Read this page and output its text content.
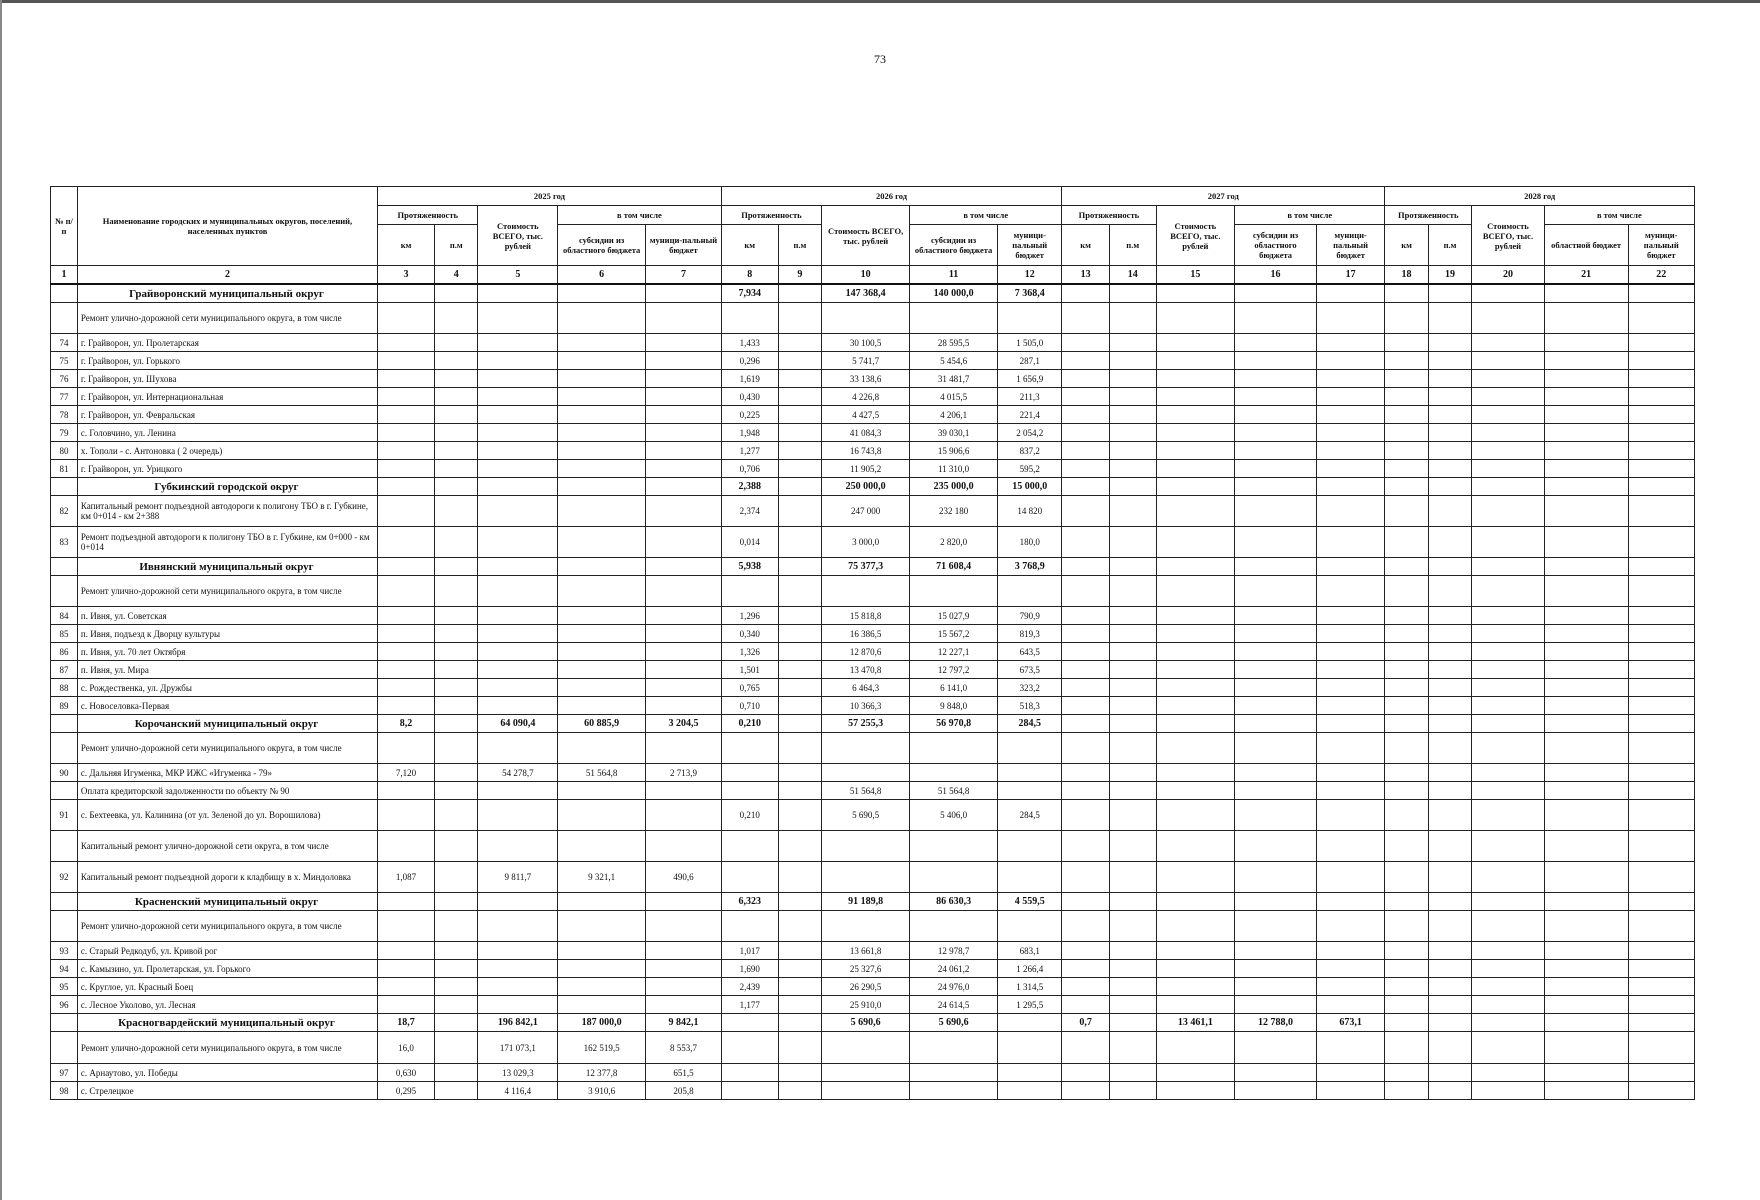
73
№ п/п	Наименование городских и муниципальных округов, поселений, населенных пунктов	2025 год					2026 год					2027 год					2028 год				
		Протяженность		Стоимость ВСЕГО, тыс. рублей	в том числе		Протяженность		Стоимость ВСЕГО, тыс. рублей	в том числе		Протяженность		Стоимость ВСЕГО, тыс. рублей	в том числе		Протяженность		Стоимость ВСЕГО, тыс. рублей	в том числе	
		км	п.м		субсидии из областного бюджета	муници-пальный бюджет	км	п.м		субсидии из областного бюджета	муници-пальный бюджет	км	п.м		субсидии из областного бюджета	муници-пальный бюджет	км	п.м		областной бюджет	муници-пальный бюджет
1	2	3	4	5	6	7	8	9	10	11	12	13	14	15	16	17	18	19	20	21	22
	Грайворонский муниципальный округ						7,934		147 368,4	140 000,0	7 368,4										
	Ремонт улично-дорожной сети муниципального округа, в том числе																				
74	г. Грайворон, ул. Пролетарская						1,433		30 100,5	28 595,5	1 505,0										
75	г. Грайворон, ул. Горького						0,296		5 741,7	5 454,6	287,1										
76	г. Грайворон, ул. Шухова						1,619		33 138,6	31 481,7	1 656,9										
77	г. Грайворон, ул. Интернациональная						0,430		4 226,8	4 015,5	211,3										
78	г. Грайворон, ул. Февральская						0,225		4 427,5	4 206,1	221,4										
79	с. Головчино, ул. Ленина						1,948		41 084,3	39 030,1	2 054,2										
80	х. Тополи - с. Антоновка ( 2 очередь)						1,277		16 743,8	15 906,6	837,2										
81	г. Грайворон, ул. Урицкого						0,706		11 905,2	11 310,0	595,2										
	Губкинский городской округ						2,388		250 000,0	235 000,0	15 000,0										
82	Капитальный ремонт подъездной автодороги к полигону ТБО в г. Губкине, км 0+014 - км 2+388						2,374		247 000	232 180	14 820										
83	Ремонт подъездной автодороги к полигону ТБО в г. Губкине, км 0+000 - км 0+014						0,014		3 000,0	2 820,0	180,0										
	Ивнянский муниципальный округ						5,938		75 377,3	71 608,4	3 768,9										
	Ремонт улично-дорожной сети муниципального округа, в том числе																				
84	п. Ивня, ул. Советская						1,296		15 818,8	15 027,9	790,9										
85	п. Ивня, подъезд к Дворцу культуры						0,340		16 386,5	15 567,2	819,3										
86	п. Ивня, ул. 70 лет Октября						1,326		12 870,6	12 227,1	643,5										
87	п. Ивня, ул. Мира						1,501		13 470,8	12 797,2	673,5										
88	с. Рождественка, ул. Дружбы						0,765		6 464,3	6 141,0	323,2										
89	с. Новоселовка-Первая						0,710		10 366,3	9 848,0	518,3										
	Корочанский муниципальный округ	8,2		64 090,4	60 885,9	3 204,5	0,210		57 255,3	56 970,8	284,5										
	Ремонт улично-дорожной сети муниципального округа, в том числе																				
90	с. Дальняя Игуменка, МКР ИЖС «Игуменка - 79»	7,120		54 278,7	51 564,8	2 713,9															
	Оплата кредиторской задолженности по объекту № 90								51 564,8	51 564,8											
91	с. Бехтеевка, ул. Калинина (от ул. Зеленой до ул. Ворошилова)						0,210		5 690,5	5 406,0	284,5										
	Капитальный ремонт улично-дорожной сети округа, в том числе																				
92	Капитальный ремонт подъездной дороги к кладбищу в х. Миндоловка	1,087		9 811,7	9 321,1	490,6															
	Красненский муниципальный округ						6,323		91 189,8	86 630,3	4 559,5										
	Ремонт улично-дорожной сети муниципального округа, в том числе																				
93	с. Старый Редкодуб, ул. Кривой рог						1,017		13 661,8	12 978,7	683,1										
94	с. Камызино, ул. Пролетарская, ул. Горького						1,690		25 327,6	24 061,2	1 266,4										
95	с. Круглое, ул. Красный Боец						2,439		26 290,5	24 976,0	1 314,5										
96	с. Лесное Уколово, ул. Лесная						1,177		25 910,0	24 614,5	1 295,5										
	Красногвардейский муниципальный округ	18,7		196 842,1	187 000,0	9 842,1			5 690,6	5 690,6		0,7		13 461,1	12 788,0	673,1					
	Ремонт улично-дорожной сети муниципального округа, в том числе	16,0		171 073,1	162 519,5	8 553,7															
97	с. Арнаутово, ул. Победы	0,630		13 029,3	12 377,8	651,5															
98	с. Стрелецкое	0,295		4 116,4	3 910,6	205,8															
